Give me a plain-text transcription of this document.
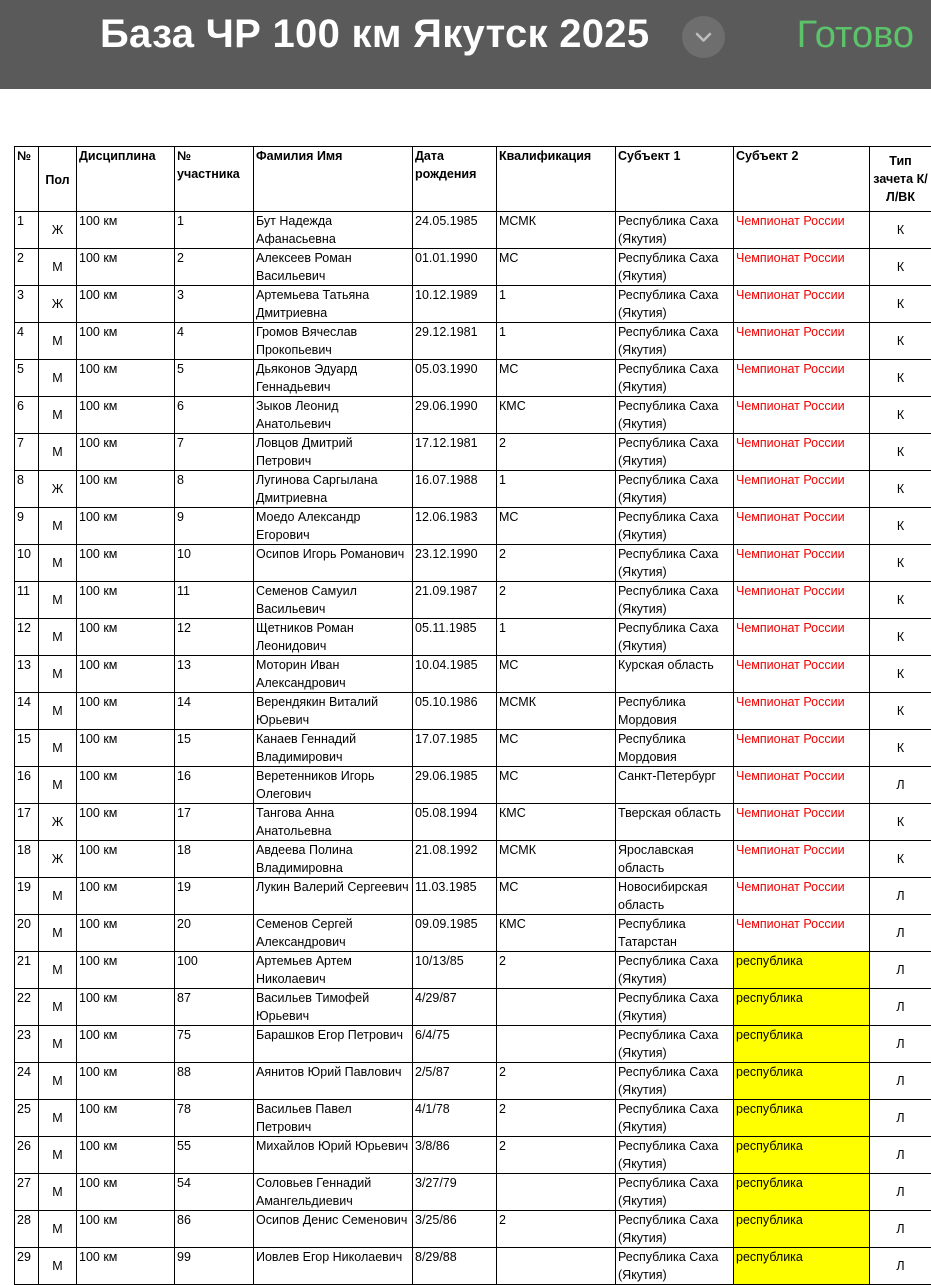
База ЧР 100 км Якутск 2025	Готово
№	Пол	Дисциплина	№ участника	Фамилия Имя	Дата рождения	Квалификация	Субъект 1	Субъект 2	Тип зачета К/Л/ВК
1	Ж	100 км	1	Бут Надежда Афанасьевна	24.05.1985	МСМК	Республика Саха (Якутия)	Чемпионат России	К
2	М	100 км	2	Алексеев Роман Васильевич	01.01.1990	МС	Республика Саха (Якутия)	Чемпионат России	К
3	Ж	100 км	3	Артемьева Татьяна Дмитриевна	10.12.1989	1	Республика Саха (Якутия)	Чемпионат России	К
4	М	100 км	4	Громов Вячеслав Прокопьевич	29.12.1981	1	Республика Саха (Якутия)	Чемпионат России	К
5	М	100 км	5	Дьяконов Эдуард Геннадьевич	05.03.1990	МС	Республика Саха (Якутия)	Чемпионат России	К
6	М	100 км	6	Зыков Леонид Анатольевич	29.06.1990	КМС	Республика Саха (Якутия)	Чемпионат России	К
7	М	100 км	7	Ловцов Дмитрий Петрович	17.12.1981	2	Республика Саха (Якутия)	Чемпионат России	К
8	Ж	100 км	8	Лугинова Саргылана Дмитриевна	16.07.1988	1	Республика Саха (Якутия)	Чемпионат России	К
9	М	100 км	9	Моедо Александр Егорович	12.06.1983	МС	Республика Саха (Якутия)	Чемпионат России	К
10	М	100 км	10	Осипов Игорь Романович	23.12.1990	2	Республика Саха (Якутия)	Чемпионат России	К
11	М	100 км	11	Семенов Самуил Васильевич	21.09.1987	2	Республика Саха (Якутия)	Чемпионат России	К
12	М	100 км	12	Щетников Роман Леонидович	05.11.1985	1	Республика Саха (Якутия)	Чемпионат России	К
13	М	100 км	13	Моторин Иван Александрович	10.04.1985	МС	Курская область	Чемпионат России	К
14	М	100 км	14	Верендякин Виталий Юрьевич	05.10.1986	МСМК	Республика Мордовия	Чемпионат России	К
15	М	100 км	15	Канаев Геннадий Владимирович	17.07.1985	МС	Республика Мордовия	Чемпионат России	К
16	М	100 км	16	Веретенников Игорь Олегович	29.06.1985	МС	Санкт-Петербург	Чемпионат России	Л
17	Ж	100 км	17	Тангова Анна Анатольевна	05.08.1994	КМС	Тверская область	Чемпионат России	К
18	Ж	100 км	18	Авдеева Полина Владимировна	21.08.1992	МСМК	Ярославская область	Чемпионат России	К
19	М	100 км	19	Лукин Валерий Сергеевич	11.03.1985	МС	Новосибирская область	Чемпионат России	Л
20	М	100 км	20	Семенов Сергей Александрович	09.09.1985	КМС	Республика Татарстан	Чемпионат России	Л
21	М	100 км	100	Артемьев Артем Николаевич	10/13/85	2	Республика Саха (Якутия)	республика	Л
22	М	100 км	87	Васильев Тимофей Юрьевич	4/29/87		Республика Саха (Якутия)	республика	Л
23	М	100 км	75	Барашков Егор Петрович	6/4/75		Республика Саха (Якутия)	республика	Л
24	М	100 км	88	Аянитов Юрий Павлович	2/5/87	2	Республика Саха (Якутия)	республика	Л
25	М	100 км	78	Васильев Павел Петрович	4/1/78	2	Республика Саха (Якутия)	республика	Л
26	М	100 км	55	Михайлов Юрий Юрьевич	3/8/86	2	Республика Саха (Якутия)	республика	Л
27	М	100 км	54	Соловьев Геннадий Амангельдиевич	3/27/79		Республика Саха (Якутия)	республика	Л
28	М	100 км	86	Осипов Денис Семенович	3/25/86	2	Республика Саха (Якутия)	республика	Л
29	М	100 км	99	Иовлев Егор Николаевич	8/29/88		Республика Саха (Якутия)	республика	Л
